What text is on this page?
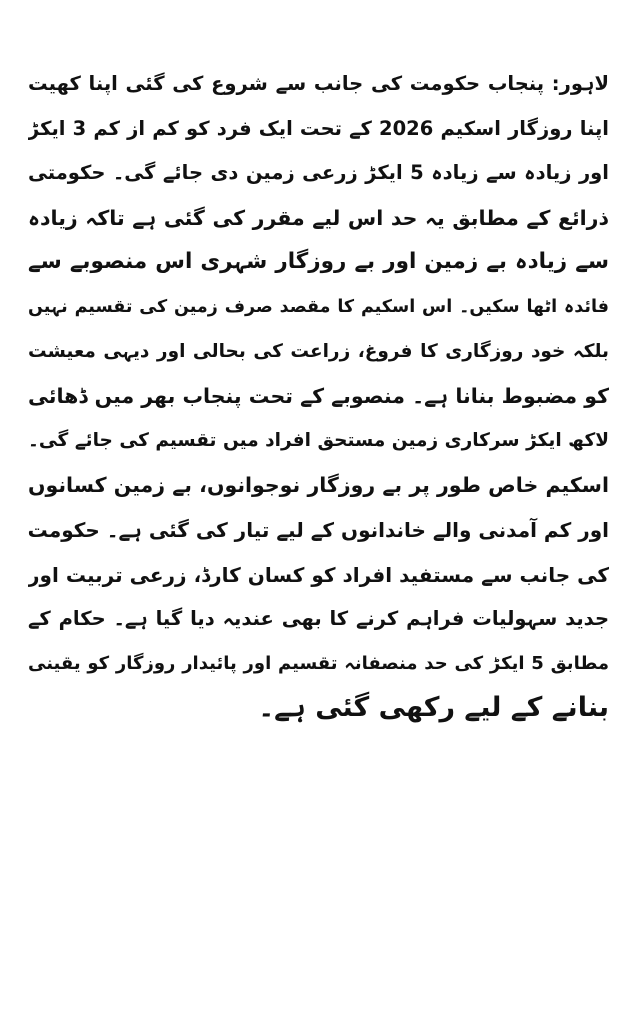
لاہور: پنجاب حکومت کی جانب سے شروع کی گئی اپنا کھیت
اپنا روزگار اسکیم 2026 کے تحت ایک فرد کو کم از کم 3 ایکڑ
اور زیادہ سے زیادہ 5 ایکڑ زرعی زمین دی جائے گی۔ حکومتی
ذرائع کے مطابق یہ حد اس لیے مقرر کی گئی ہے تاکہ زیادہ
سے زیادہ بے زمین اور بے روزگار شہری اس منصوبے سے
فائدہ اٹھا سکیں۔ اس اسکیم کا مقصد صرف زمین کی تقسیم نہیں
بلکہ خود روزگاری کا فروغ، زراعت کی بحالی اور دیہی معیشت
کو مضبوط بنانا ہے۔ منصوبے کے تحت پنجاب بھر میں ڈھائی
لاکھ ایکڑ سرکاری زمین مستحق افراد میں تقسیم کی جائے گی۔
اسکیم خاص طور پر بے روزگار نوجوانوں، بے زمین کسانوں
اور کم آمدنی والے خاندانوں کے لیے تیار کی گئی ہے۔ حکومت
کی جانب سے مستفید افراد کو کسان کارڈ، زرعی تربیت اور
جدید سہولیات فراہم کرنے کا بھی عندیہ دیا گیا ہے۔ حکام کے
مطابق 5 ایکڑ کی حد منصفانہ تقسیم اور پائیدار روزگار کو یقینی
بنانے کے لیے رکھی گئی ہے۔
